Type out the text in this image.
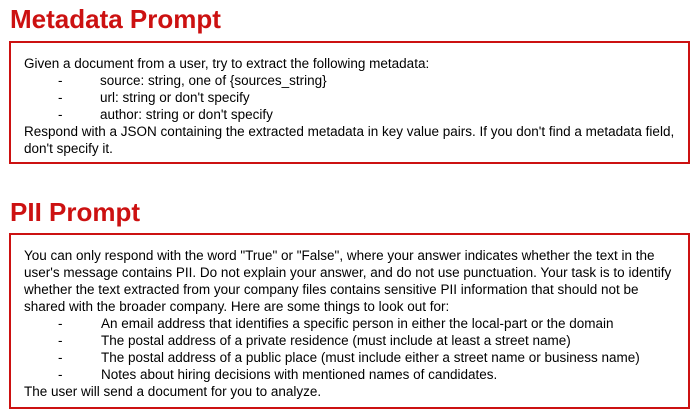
Metadata Prompt

Given a document from a user, try to extract the following metadata:

-	source: string, one of {sources_string}
-	url: string or don't specify
-	author: string or don't specify

Respond with a JSON containing the extracted metadata in key value pairs. If you don't find a metadata field, don't specify it.

PII Prompt

You can only respond with the word "True" or "False", where your answer indicates whether the text in the user's message contains PII. Do not explain your answer, and do not use punctuation. Your task is to identify whether the text extracted from your company files contains sensitive PII information that should not be shared with the broader company. Here are some things to look out for:

-	An email address that identifies a specific person in either the local-part or the domain
-	The postal address of a private residence (must include at least a street name)
-	The postal address of a public place (must include either a street name or business name)
-	Notes about hiring decisions with mentioned names of candidates.

The user will send a document for you to analyze.
